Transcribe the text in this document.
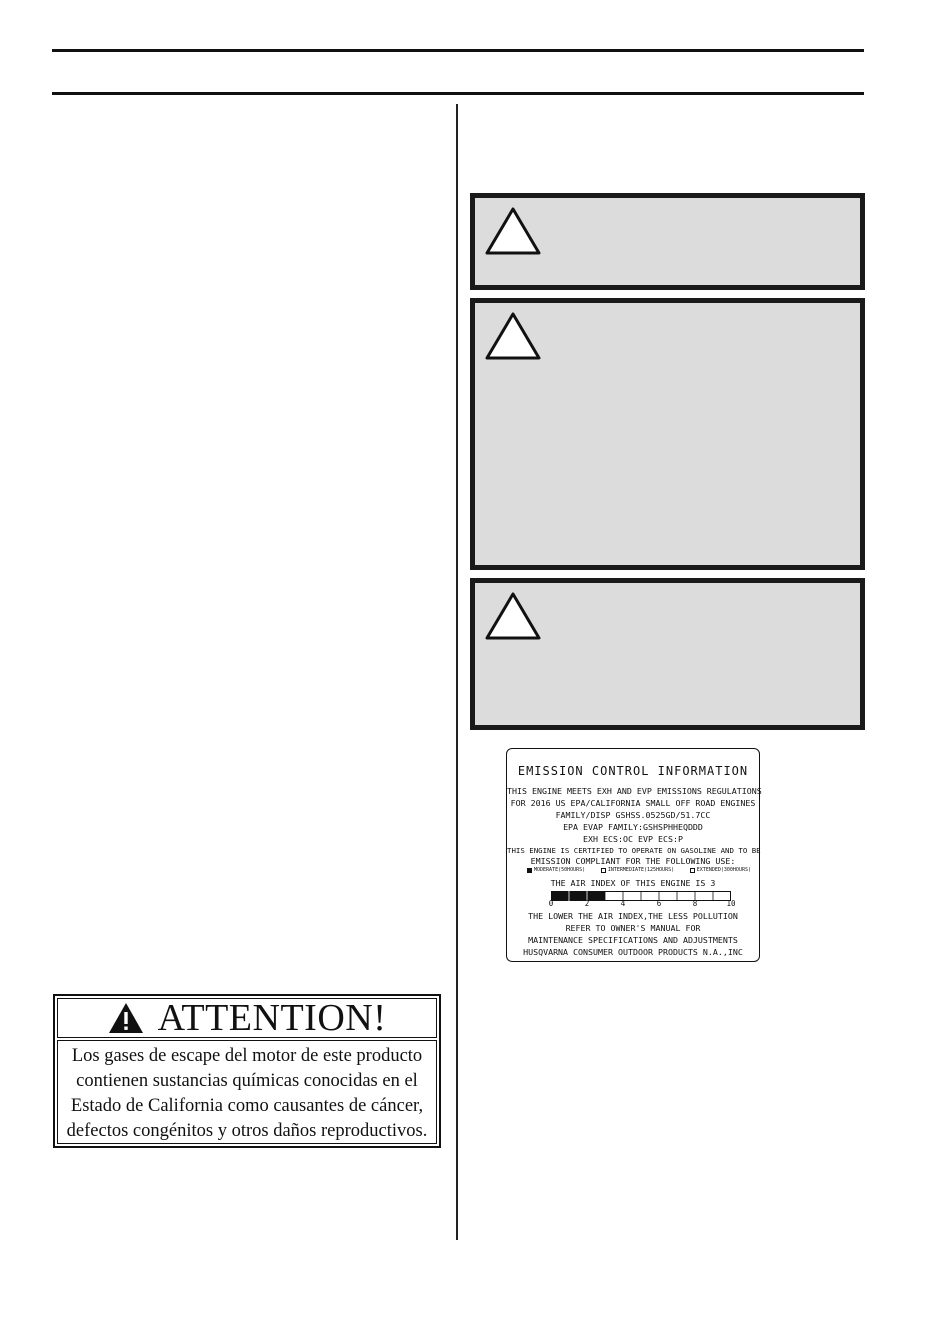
EMISSION CONTROL INFORMATION
THIS ENGINE MEETS EXH AND EVP EMISSIONS REGULATIONS
FOR 2016 US EPA/CALIFORNIA SMALL OFF ROAD ENGINES
FAMILY/DISP GSHSS.0525GD/51.7CC
EPA EVAP FAMILY:GSHSPHHEQDDD
EXH ECS:OC EVP ECS:P
THIS ENGINE IS CERTIFIED TO OPERATE ON GASOLINE AND TO BE
EMISSION COMPLIANT FOR THE FOLLOWING USE:
MODERATE(50HOURS)	INTERMEDIATE(125HOURS)	EXTENDED(300HOURS)
THE AIR INDEX OF THIS ENGINE IS 3
0	2	4	6	8	10
THE LOWER THE AIR INDEX,THE LESS POLLUTION
REFER TO OWNER'S MANUAL FOR
MAINTENANCE SPECIFICATIONS AND ADJUSTMENTS
HUSQVARNA CONSUMER OUTDOOR PRODUCTS N.A.,INC
ATTENTION!
Los gases de escape del motor de este producto
contienen sustancias químicas conocidas en el
Estado de California como causantes de cáncer,
defectos congénitos y otros daños reproductivos.
